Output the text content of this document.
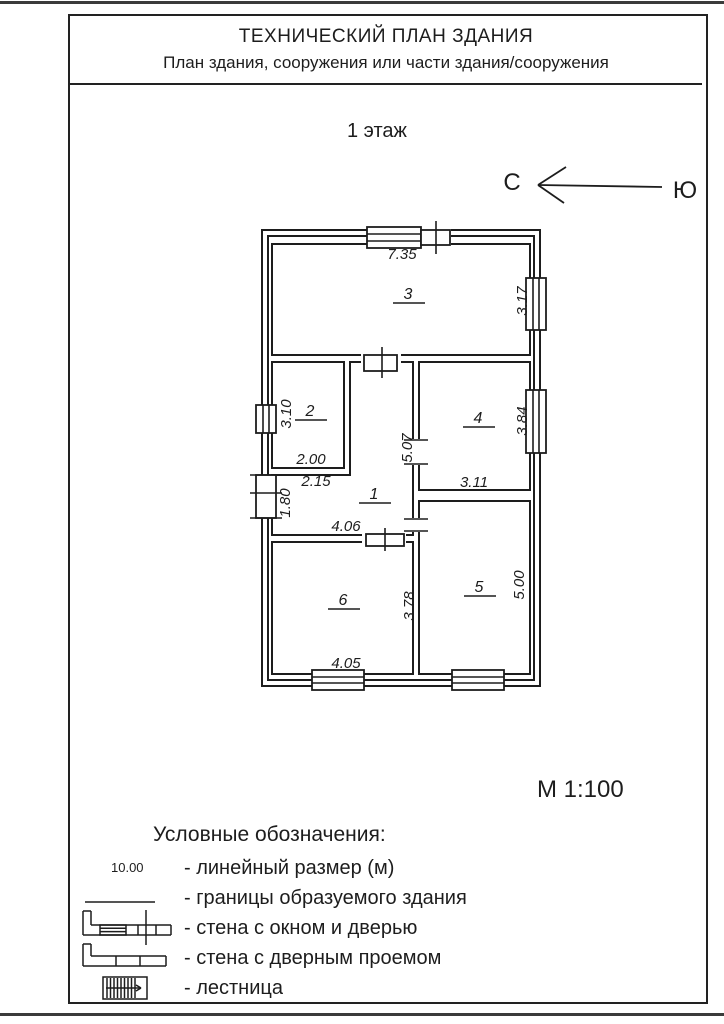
ТЕХНИЧЕСКИЙ ПЛАН ЗДАНИЯ
План здания, сооружения или части здания/сооружения
1 этаж
С	Ю
7.35
3.17
3.10
2.00
2.15
5.07
3.84
3.11
1.80
4.06
3.78
5.00
4.05
1
2
3
4
5
6
М 1:100
Условные обозначения:
10.00 - линейный размер (м)
- границы образуемого здания
- стена с окном и дверью
- стена с дверным проемом
- лестница
